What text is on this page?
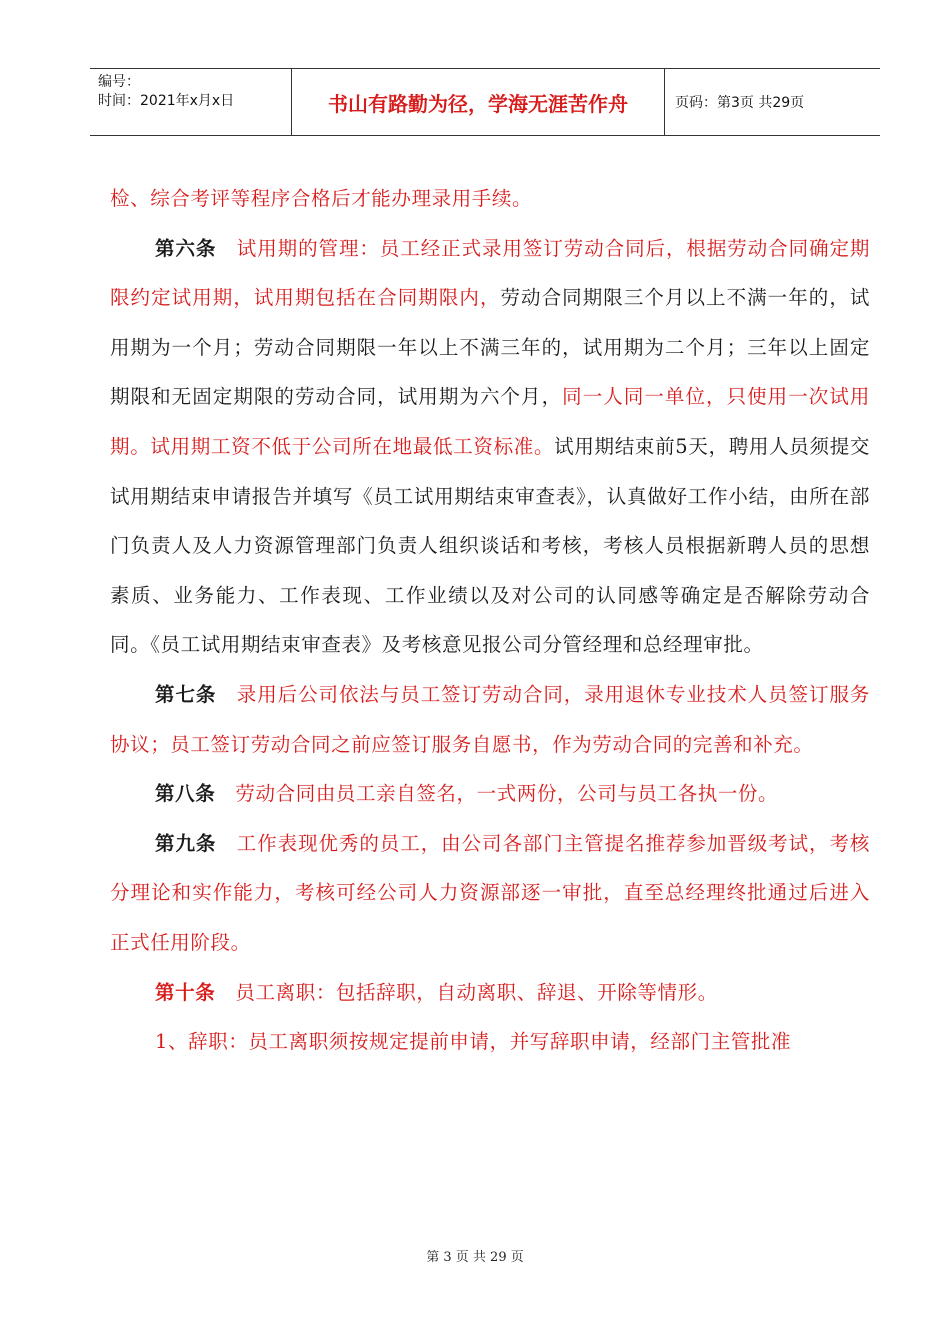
编号：
时间：2021年x月x日	书山有路勤为径，学海无涯苦作舟	页码：第3页 共29页

检、综合考评等程序合格后才能办理录用手续。

第六条　试用期的管理：员工经正式录用签订劳动合同后，根据劳动合同确定期限约定试用期，试用期包括在合同期限内，劳动合同期限三个月以上不满一年的，试用期为一个月；劳动合同期限一年以上不满三年的，试用期为二个月；三年以上固定期限和无固定期限的劳动合同，试用期为六个月，同一人同一单位，只使用一次试用期。试用期工资不低于公司所在地最低工资标准。试用期结束前5天，聘用人员须提交试用期结束申请报告并填写《员工试用期结束审查表》，认真做好工作小结，由所在部门负责人及人力资源管理部门负责人组织谈话和考核，考核人员根据新聘人员的思想素质、业务能力、工作表现、工作业绩以及对公司的认同感等确定是否解除劳动合同。《员工试用期结束审查表》及考核意见报公司分管经理和总经理审批。

第七条　录用后公司依法与员工签订劳动合同，录用退休专业技术人员签订服务协议；员工签订劳动合同之前应签订服务自愿书，作为劳动合同的完善和补充。

第八条　劳动合同由员工亲自签名，一式两份，公司与员工各执一份。

第九条　工作表现优秀的员工，由公司各部门主管提名推荐参加晋级考试，考核分理论和实作能力，考核可经公司人力资源部逐一审批，直至总经理终批通过后进入正式任用阶段。

第十条　员工离职：包括辞职，自动离职、辞退、开除等情形。

1、辞职：员工离职须按规定提前申请，并写辞职申请，经部门主管批准

第 3 页 共 29 页
